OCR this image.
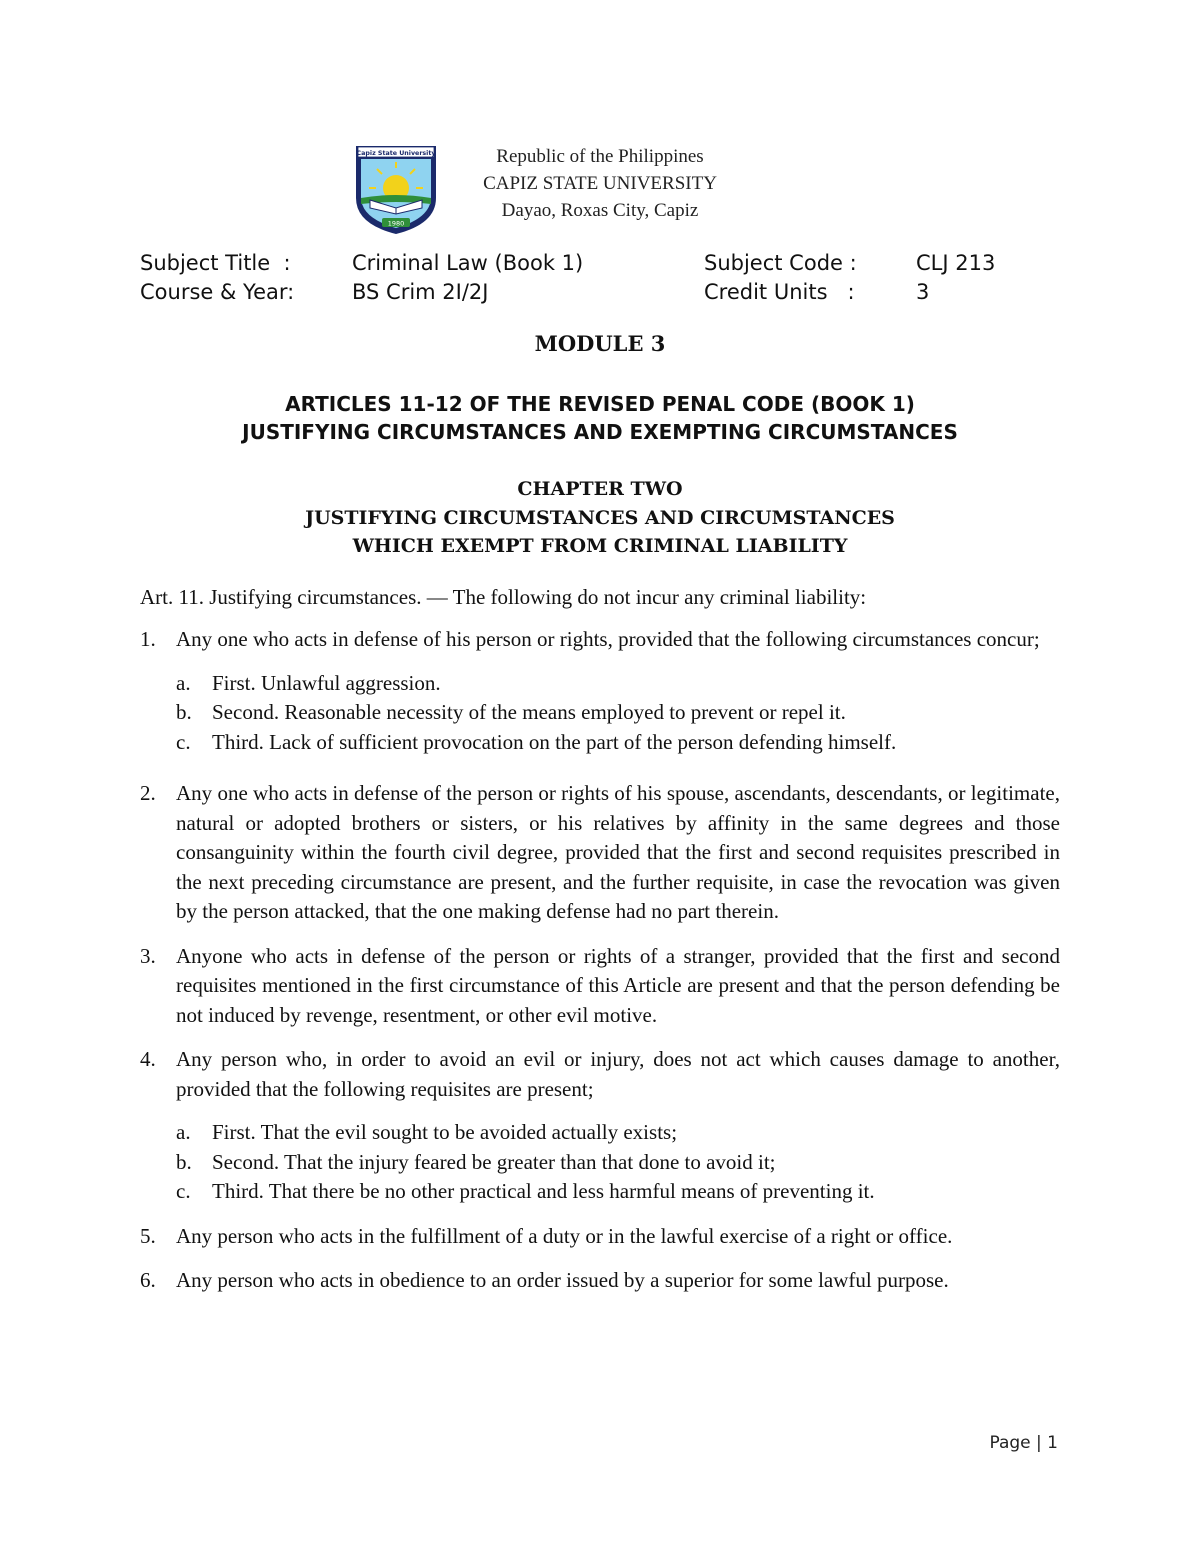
1980
Capiz State University	Republic of the Philippines
CAPIZ STATE UNIVERSITY
Dayao, Roxas City, Capiz
Subject Title  :	Criminal Law (Book 1)	Subject Code :	CLJ 213
Course & Year:	BS Crim 2I/2J	Credit Units   :	3
MODULE 3
ARTICLES 11-12 OF THE REVISED PENAL CODE (BOOK 1)
JUSTIFYING CIRCUMSTANCES AND EXEMPTING CIRCUMSTANCES
CHAPTER TWO
JUSTIFYING CIRCUMSTANCES AND CIRCUMSTANCES
WHICH EXEMPT FROM CRIMINAL LIABILITY
Art. 11. Justifying circumstances. — The following do not incur any criminal liability:
1. Any one who acts in defense of his person or rights, provided that the following circumstances concur;
a. First. Unlawful aggression.
b. Second. Reasonable necessity of the means employed to prevent or repel it.
c. Third. Lack of sufficient provocation on the part of the person defending himself.
2. Any one who acts in defense of the person or rights of his spouse, ascendants, descendants, or legitimate, natural or adopted brothers or sisters, or his relatives by affinity in the same degrees and those consanguinity within the fourth civil degree, provided that the first and second requisites prescribed in the next preceding circumstance are present, and the further requisite, in case the revocation was given by the person attacked, that the one making defense had no part therein.
3. Anyone who acts in defense of the person or rights of a stranger, provided that the first and second requisites mentioned in the first circumstance of this Article are present and that the person defending be not induced by revenge, resentment, or other evil motive.
4. Any person who, in order to avoid an evil or injury, does not act which causes damage to another, provided that the following requisites are present;
a. First. That the evil sought to be avoided actually exists;
b. Second. That the injury feared be greater than that done to avoid it;
c. Third. That there be no other practical and less harmful means of preventing it.
5. Any person who acts in the fulfillment of a duty or in the lawful exercise of a right or office.
6. Any person who acts in obedience to an order issued by a superior for some lawful purpose.
Page | 1
